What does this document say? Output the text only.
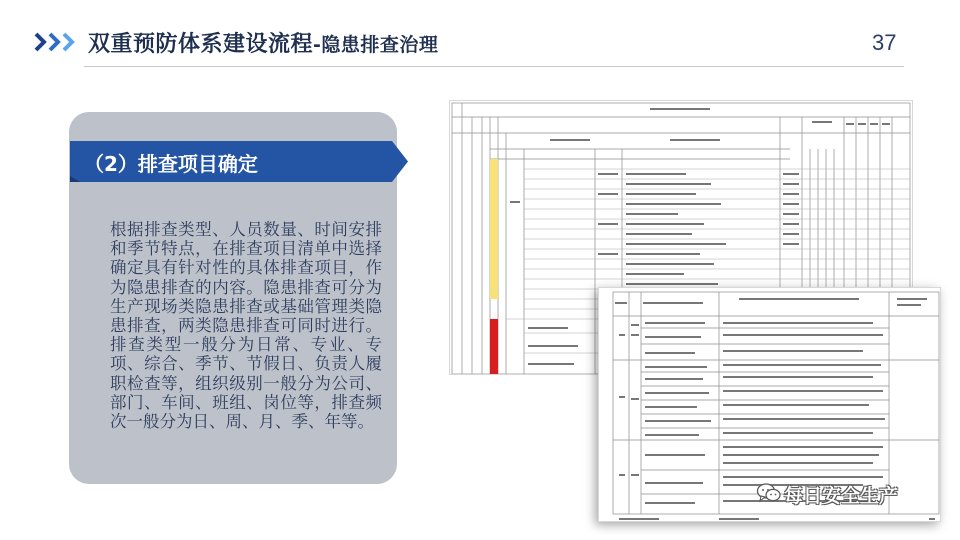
双重预防体系建设流程-隐患排查治理	37
（2）排查项目确定
根据排查类型、人员数量、时间安排和季节特点，在排查项目清单中选择确定具有针对性的具体排查项目，作为隐患排查的内容。隐患排查可分为生产现场类隐患排查或基础管理类隐患排查，两类隐患排查可同时进行。排查类型一般分为日常、专业、专项、综合、季节、节假日、负责人履职检查等，组织级别一般分为公司、部门、车间、班组、岗位等，排查频次一般分为日、周、月、季、年等。
每日安全生产
